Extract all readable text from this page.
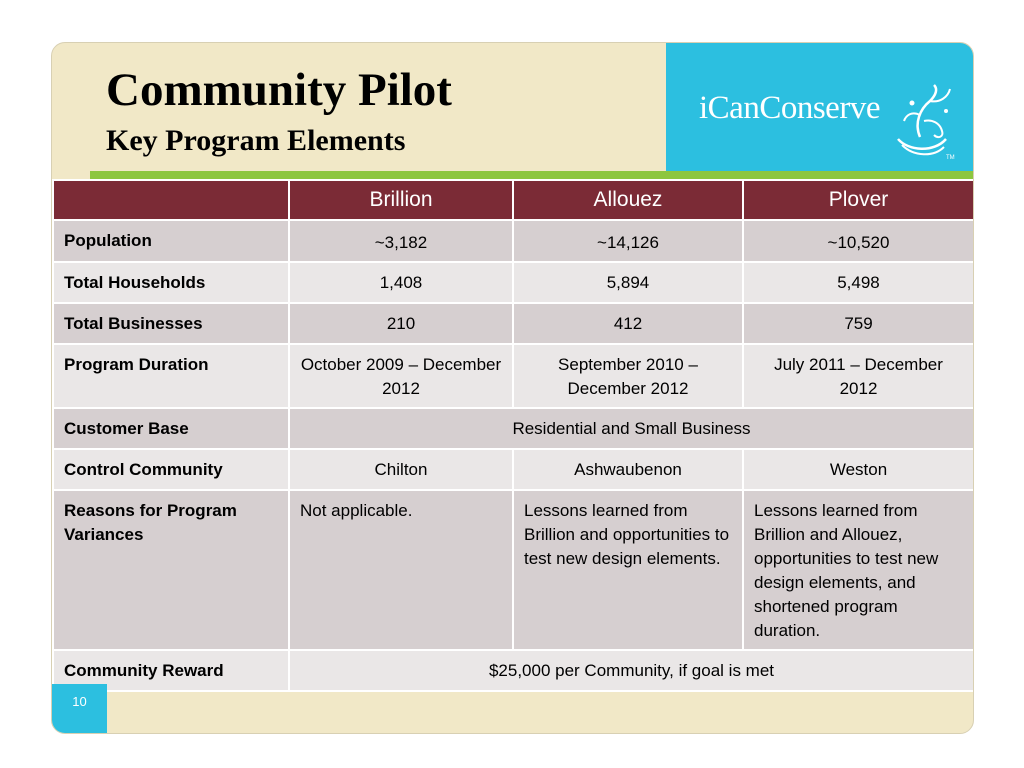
Community Pilot
Key Program Elements
iCanConserve
TM
	Brillion	Allouez	Plover
Population	~3,182	~14,126	~10,520
Total Households	1,408	5,894	5,498
Total Businesses	210	412	759
Program Duration	October 2009 – December 2012	September 2010 – December 2012	July 2011 – December 2012
Customer Base	Residential and Small Business		
Control Community	Chilton	Ashwaubenon	Weston
Reasons for Program Variances	Not applicable.	Lessons learned from Brillion and opportunities to test new design elements.	Lessons learned from Brillion and Allouez, opportunities to test new design elements, and shortened program duration.
Community Reward	$25,000 per Community, if goal is met		
10
